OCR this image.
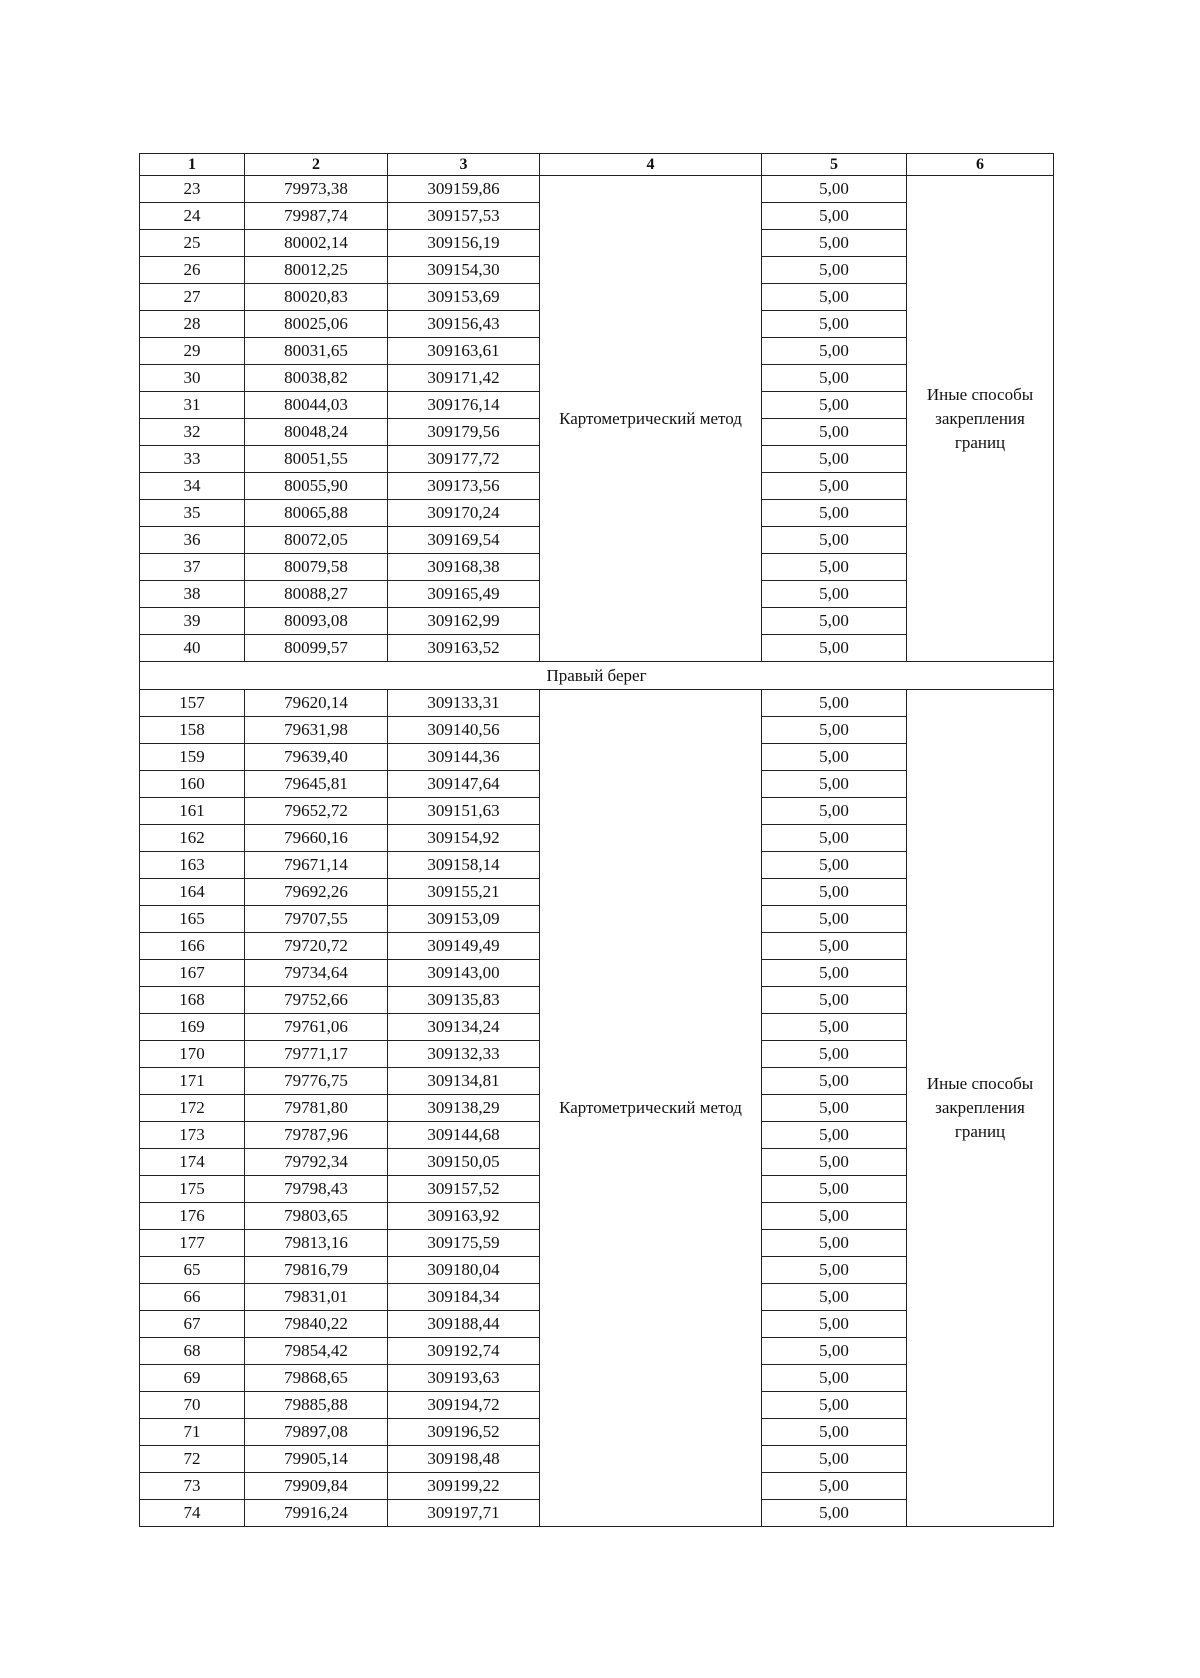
1	2	3	4	5	6
23	79973,38	309159,86	Картометрический метод	5,00	Иные способы закрепления границ
24	79987,74	309157,53		5,00	
25	80002,14	309156,19		5,00	
26	80012,25	309154,30		5,00	
27	80020,83	309153,69		5,00	
28	80025,06	309156,43		5,00	
29	80031,65	309163,61		5,00	
30	80038,82	309171,42		5,00	
31	80044,03	309176,14		5,00	
32	80048,24	309179,56		5,00	
33	80051,55	309177,72		5,00	
34	80055,90	309173,56		5,00	
35	80065,88	309170,24		5,00	
36	80072,05	309169,54		5,00	
37	80079,58	309168,38		5,00	
38	80088,27	309165,49		5,00	
39	80093,08	309162,99		5,00	
40	80099,57	309163,52		5,00	
Правый берег					
157	79620,14	309133,31	Картометрический метод	5,00	Иные способы закрепления границ
158	79631,98	309140,56		5,00	
159	79639,40	309144,36		5,00	
160	79645,81	309147,64		5,00	
161	79652,72	309151,63		5,00	
162	79660,16	309154,92		5,00	
163	79671,14	309158,14		5,00	
164	79692,26	309155,21		5,00	
165	79707,55	309153,09		5,00	
166	79720,72	309149,49		5,00	
167	79734,64	309143,00		5,00	
168	79752,66	309135,83		5,00	
169	79761,06	309134,24		5,00	
170	79771,17	309132,33		5,00	
171	79776,75	309134,81		5,00	
172	79781,80	309138,29		5,00	
173	79787,96	309144,68		5,00	
174	79792,34	309150,05		5,00	
175	79798,43	309157,52		5,00	
176	79803,65	309163,92		5,00	
177	79813,16	309175,59		5,00	
65	79816,79	309180,04		5,00	
66	79831,01	309184,34		5,00	
67	79840,22	309188,44		5,00	
68	79854,42	309192,74		5,00	
69	79868,65	309193,63		5,00	
70	79885,88	309194,72		5,00	
71	79897,08	309196,52		5,00	
72	79905,14	309198,48		5,00	
73	79909,84	309199,22		5,00	
74	79916,24	309197,71		5,00	
